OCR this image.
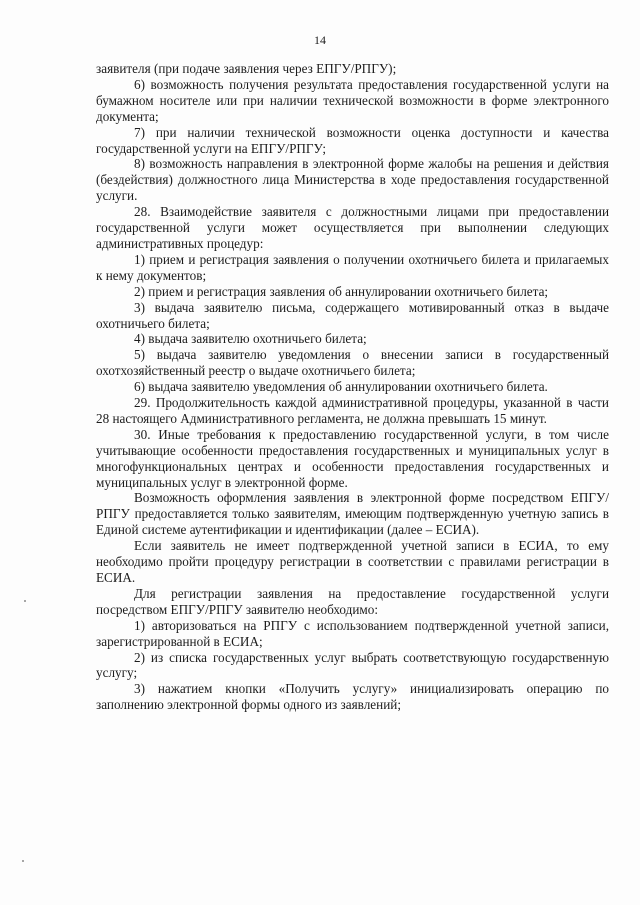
14

заявителя (при подаче заявления через ЕПГУ/РПГУ);

6) возможность получения результата предоставления государственной услуги на бумажном носителе или при наличии технической возможности в форме электронного документа;

7) при наличии технической возможности оценка доступности и качества государственной услуги на ЕПГУ/РПГУ;

8) возможность направления в электронной форме жалобы на решения и действия (бездействия) должностного лица Министерства в ходе предоставления государственной услуги.

28. Взаимодействие заявителя с должностными лицами при предоставлении государственной услуги может осуществляется при выполнении следующих административных процедур:

1) прием и регистрация заявления о получении охотничьего билета и прилагаемых к нему документов;

2) прием и регистрация заявления об аннулировании охотничьего билета;

3) выдача заявителю письма, содержащего мотивированный отказ в выдаче охотничьего билета;

4) выдача заявителю охотничьего билета;

5) выдача заявителю уведомления о внесении записи в государственный охотхозяйственный реестр о выдаче охотничьего билета;

6) выдача заявителю уведомления об аннулировании охотничьего билета.

29. Продолжительность каждой административной процедуры, указанной в части 28 настоящего Административного регламента, не должна превышать 15 минут.

30. Иные требования к предоставлению государственной услуги, в том числе учитывающие особенности предоставления государственных и муниципальных услуг в многофункциональных центрах и особенности предоставления государственных и муниципальных услуг в электронной форме.

Возможность оформления заявления в электронной форме посредством ЕПГУ/РПГУ предоставляется только заявителям, имеющим подтвержденную учетную запись в Единой системе аутентификации и идентификации (далее – ЕСИА).

Если заявитель не имеет подтвержденной учетной записи в ЕСИА, то ему необходимо пройти процедуру регистрации в соответствии с правилами регистрации в ЕСИА.

Для регистрации заявления на предоставление государственной услуги посредством ЕПГУ/РПГУ заявителю необходимо:

1) авторизоваться на РПГУ с использованием подтвержденной учетной записи, зарегистрированной в ЕСИА;

2) из списка государственных услуг выбрать соответствующую государственную услугу;

3) нажатием кнопки «Получить услугу» инициализировать операцию по заполнению электронной формы одного из заявлений;
